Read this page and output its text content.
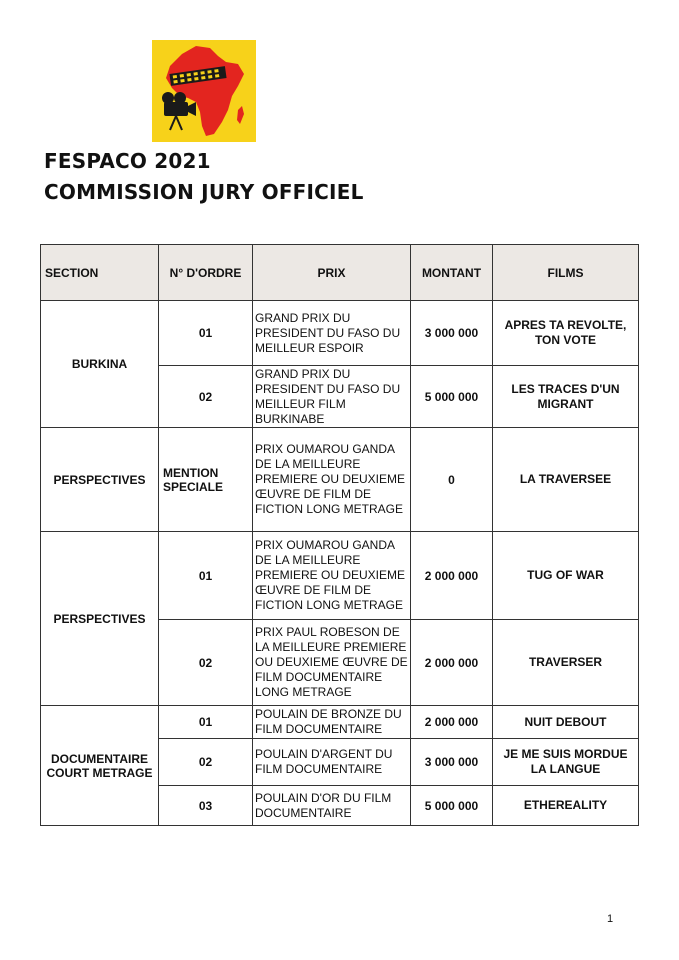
FESPACO 2021
COMMISSION JURY OFFICIEL
SECTION	N° D'ORDRE	PRIX	MONTANT	FILMS
BURKINA	01	GRAND PRIX DU PRESIDENT DU FASO DU MEILLEUR ESPOIR	3 000 000	APRES TA REVOLTE, TON VOTE
	02	GRAND PRIX DU PRESIDENT DU FASO DU MEILLEUR FILM BURKINABE	5 000 000	LES TRACES D'UN MIGRANT
PERSPECTIVES	MENTION SPECIALE	PRIX OUMAROU GANDA DE LA MEILLEURE PREMIERE OU DEUXIEME ŒUVRE DE FILM DE FICTION LONG METRAGE	0	LA TRAVERSEE
PERSPECTIVES	01	PRIX OUMAROU GANDA DE LA MEILLEURE PREMIERE OU DEUXIEME ŒUVRE DE FILM DE FICTION LONG METRAGE	2 000 000	TUG OF WAR
	02	PRIX PAUL ROBESON DE LA MEILLEURE PREMIERE OU DEUXIEME ŒUVRE DE FILM DOCUMENTAIRE LONG METRAGE	2 000 000	TRAVERSER
DOCUMENTAIRE COURT METRAGE	01	POULAIN DE BRONZE DU FILM DOCUMENTAIRE	2 000 000	NUIT DEBOUT
	02	POULAIN D'ARGENT DU FILM DOCUMENTAIRE	3 000 000	JE ME SUIS MORDUE LA LANGUE
	03	POULAIN D'OR DU FILM DOCUMENTAIRE	5 000 000	ETHEREALITY
1
